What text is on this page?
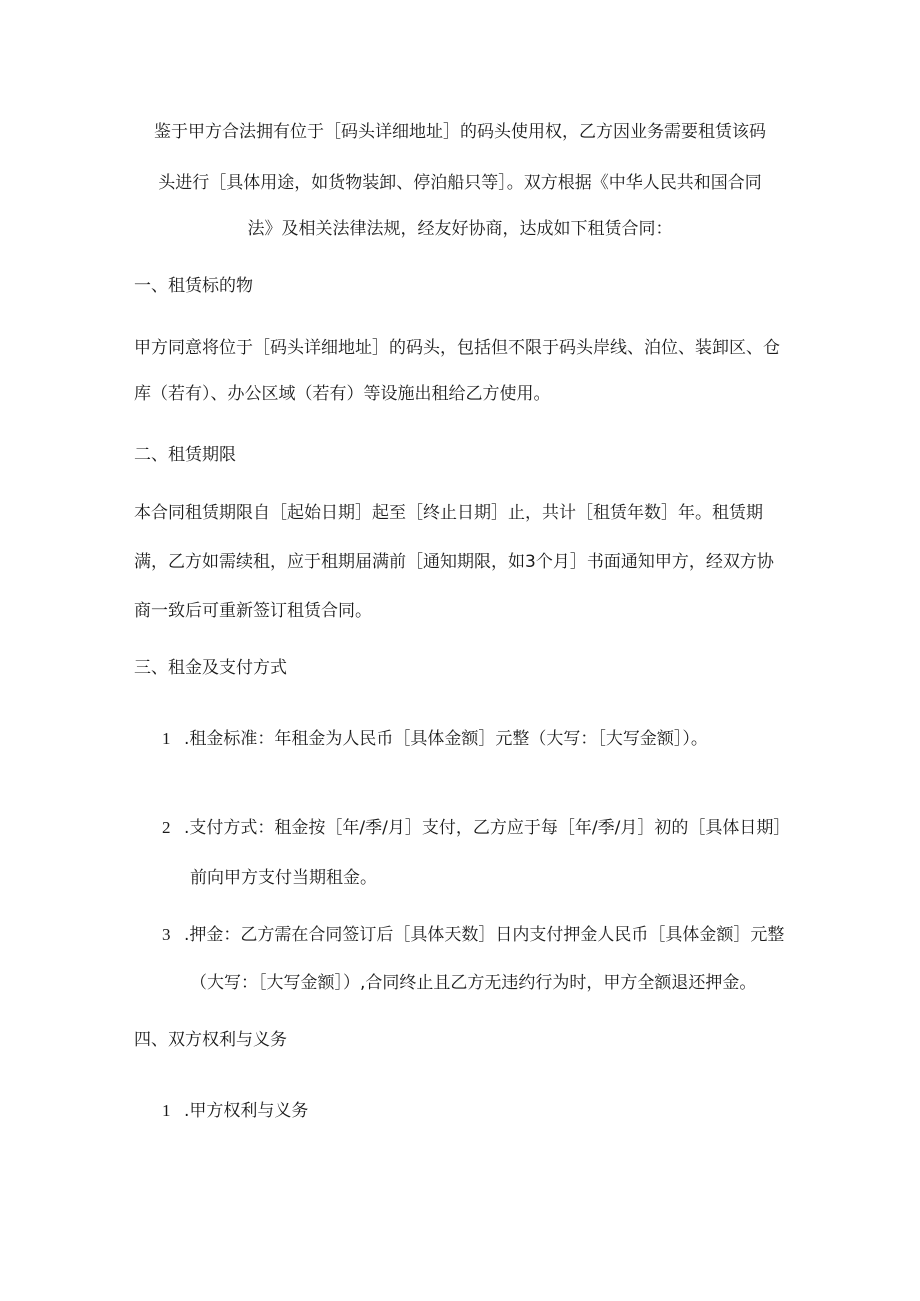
鉴于甲方合法拥有位于［码头详细地址］的码头使用权，乙方因业务需要租赁该码

头进行［具体用途，如货物装卸、停泊船只等］。双方根据《中华人民共和国合同

法》及相关法律法规，经友好协商，达成如下租赁合同：

一、租赁标的物

甲方同意将位于［码头详细地址］的码头，包括但不限于码头岸线、泊位、装卸区、仓

库（若有）、办公区域（若有）等设施出租给乙方使用。

二、租赁期限

本合同租赁期限自［起始日期］起至［终止日期］止，共计［租赁年数］年。租赁期

满，乙方如需续租，应于租期届满前［通知期限，如3个月］书面通知甲方，经双方协

商一致后可重新签订租赁合同。

三、租金及支付方式

1 .租金标准：年租金为人民币［具体金额］元整（大写：［大写金额］）。

2 .支付方式：租金按［年/季/月］支付，乙方应于每［年/季/月］初的［具体日期］

前向甲方支付当期租金。

3 .押金：乙方需在合同签订后［具体天数］日内支付押金人民币［具体金额］元整

（大写：［大写金额］）,合同终止且乙方无违约行为时，甲方全额退还押金。

四、双方权利与义务

1 .甲方权利与义务
